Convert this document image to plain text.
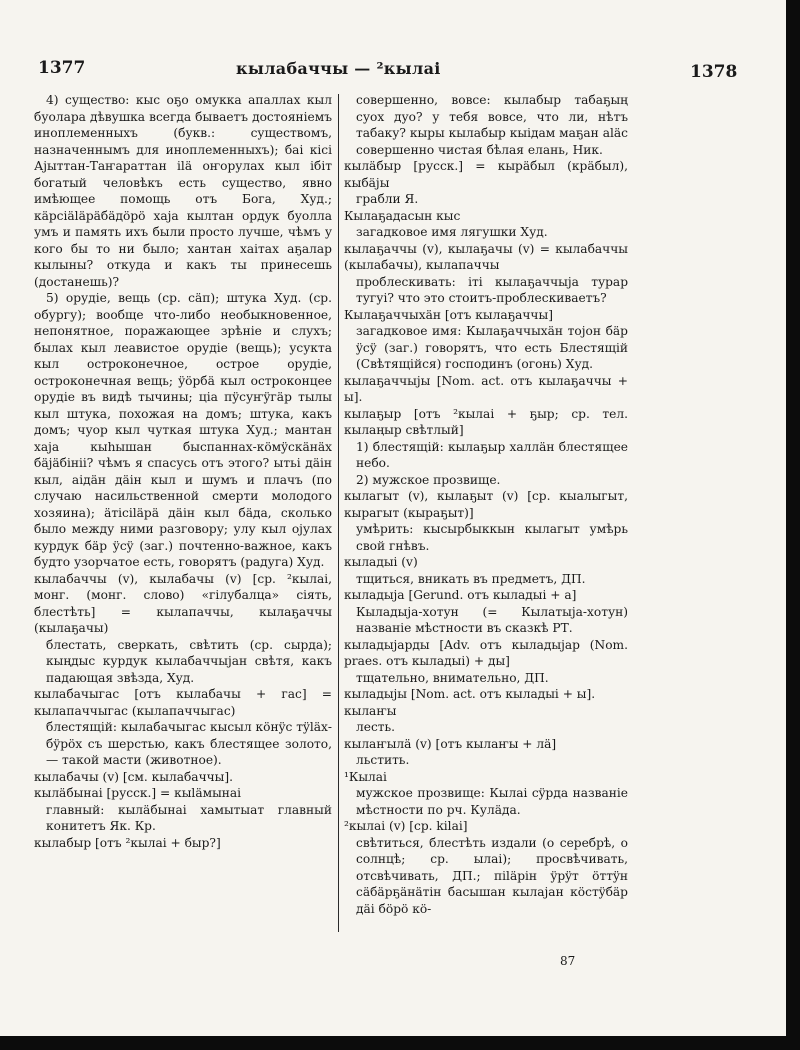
1377	кылабаччы — ²кылаі	1378

4) существо: кыс оҕо омукка апаллах кыл буолара дѣвушка всегда бываетъ достояніемъ иноплеменныхъ (букв.: существомъ, назначеннымъ для иноплеменныхъ); баі кісі Аjыттан-Таҥараттан ilä оҥорулах кыл ібіт богатый человѣкъ есть существо, явно имѣющее помощь отъ Бога, Худ.; кäрсіäläрäбäдöрö хаjа кылтан ордук буолла умъ и память ихъ были просто лучше, чѣмъ у кого бы то ни было; хантан хаітах аҕалар кылыны? откуда и какъ ты принесешь (достанешь)?

5) орудіе, вещь (ср. сäп); штука Худ. (ср. обургу); вообще что-либо необыкновенное, непонятное, поражающее зрѣніе и слухъ; былах кыл леавистое орудіе (вещь); усукта кыл остроконечное, острое орудіе, остроконечная вещь; ÿöрбä кыл остроконцее орудіе въ видѣ тычины; ціа пÿсуҥÿгäр тылы кыл штука, похожая на домъ; штука, какъ домъ; чуор кыл чуткая штука Худ.; мантан хаjа кыhышан быспаннах-кöмÿскäнäх бäjäбініі? чѣмъ я спасусь отъ этого? ытьі дäiн кыл, аiдäн дäiн кыл и шумъ и плачъ (по случаю насильственной смерти молодого хозяина); äтісіläрä дäiн кыл бäда, сколько было между ними разговору; улу кыл оjулах курдук бäр ÿсÿ (заг.) почтенно-важное, какъ будто узорчатое есть, говорятъ (радуга) Худ.

кылабаччы (v), кылабачы (v) [ср. ²кылаі, монг. (монг. слово) «гілубалца» сіять, блестѣть] = кылапаччы, кылаҕаччы (кылаҕачы)

блестать, сверкать, свѣтить (ср. сырда); кыңдыс курдук кылабаччыjан свѣтя, какъ падающая звѣзда, Худ.

кылабачыгас [отъ кылабачы + гас] = кылапаччыгас (кылапаччыгас)

блестящій: кылабачыгас кысыл кöнÿс тÿläх-бÿрöх съ шерстью, какъ блестящее золото, — такой масти (животное).

кылабачы (v) [см. кылабаччы].

кылäбынаі [русск.] = кыläмынаі

главный: кылäбынаі хамытыат главный конитетъ Як. Кр.

кылабыр [отъ ²кылаі + быр?]

совершенно, вовсе: кылабыр табаҕың суох дуо? у тебя вовсе, что ли, нѣтъ табаку? кыры кылабыр кыiдам маҕан аläс совершенно чистая бѣлая елань, Ник.

кылäбыр [русск.] = кырäбыл (крäбыл), кыбäjы

грабли Я.

Кылаҕадасын кыс

загадковое имя лягушки Худ.

кылаҕаччы (v), кылаҕачы (v) = кылабаччы (кылабачы), кылапаччы

проблескивать: іті кылаҕаччыjа турар тугуі? что это стоитъ-проблескиваетъ?

Кылаҕаччыхäн [отъ кылаҕаччы]

загадковое имя: Кылаҕаччыхäн тоjон бäр ÿсÿ (заг.) говорятъ, что есть Блестящій (Свѣтящійся) господинъ (огонь) Худ.

кылаҕаччыjы [Nom. act. отъ кылаҕаччы + ы].

кылаҕыр [отъ ²кылаі + ҕыр; ср. тел. кылаңыр свѣтлый]

1) блестящій: кылаҕыр халлäн блестящее небо.

2) мужское прозвище.

кылагыт (v), кылаҕыт (v) [ср. кыалыгыт, кырагыт (кыраҕыт)]

умѣрить: кысырбыккын кылагыт умѣрь свой гнѣвъ.

кыладыі (v)

тщиться, вникать въ предметъ, ДП.

кыладыjа [Gerund. отъ кыладыі + а]

Кыладыjа-хотун (= Кылатыjа-хотун) названіе мѣстности въ сказкѣ РТ.

кыладыjарды [Adv. отъ кыладыjар (Nom. praes. отъ кыладыі) + ды]

тщательно, внимательно, ДП.

кыладыjы [Nom. act. отъ кыладыі + ы].

кылаҥы

лесть.

кылаҥылä (v) [отъ кылаҥы + лä]

льстить.

¹Кылаі

мужское прозвище: Кылаі сÿрда названіе мѣстности по рч. Кулäда.

²кылаі (v) [ср. kilai]

свѣтиться, блестѣть издали (о серебрѣ, о солнцѣ; ср. ылаі); просвѣчивать, отсвѣчивать, ДП.; піläрін ÿрÿт öттÿн сäбäрҕäнäтін басышан кылаjан кöстÿбäр дäі бöрö кö-

87
